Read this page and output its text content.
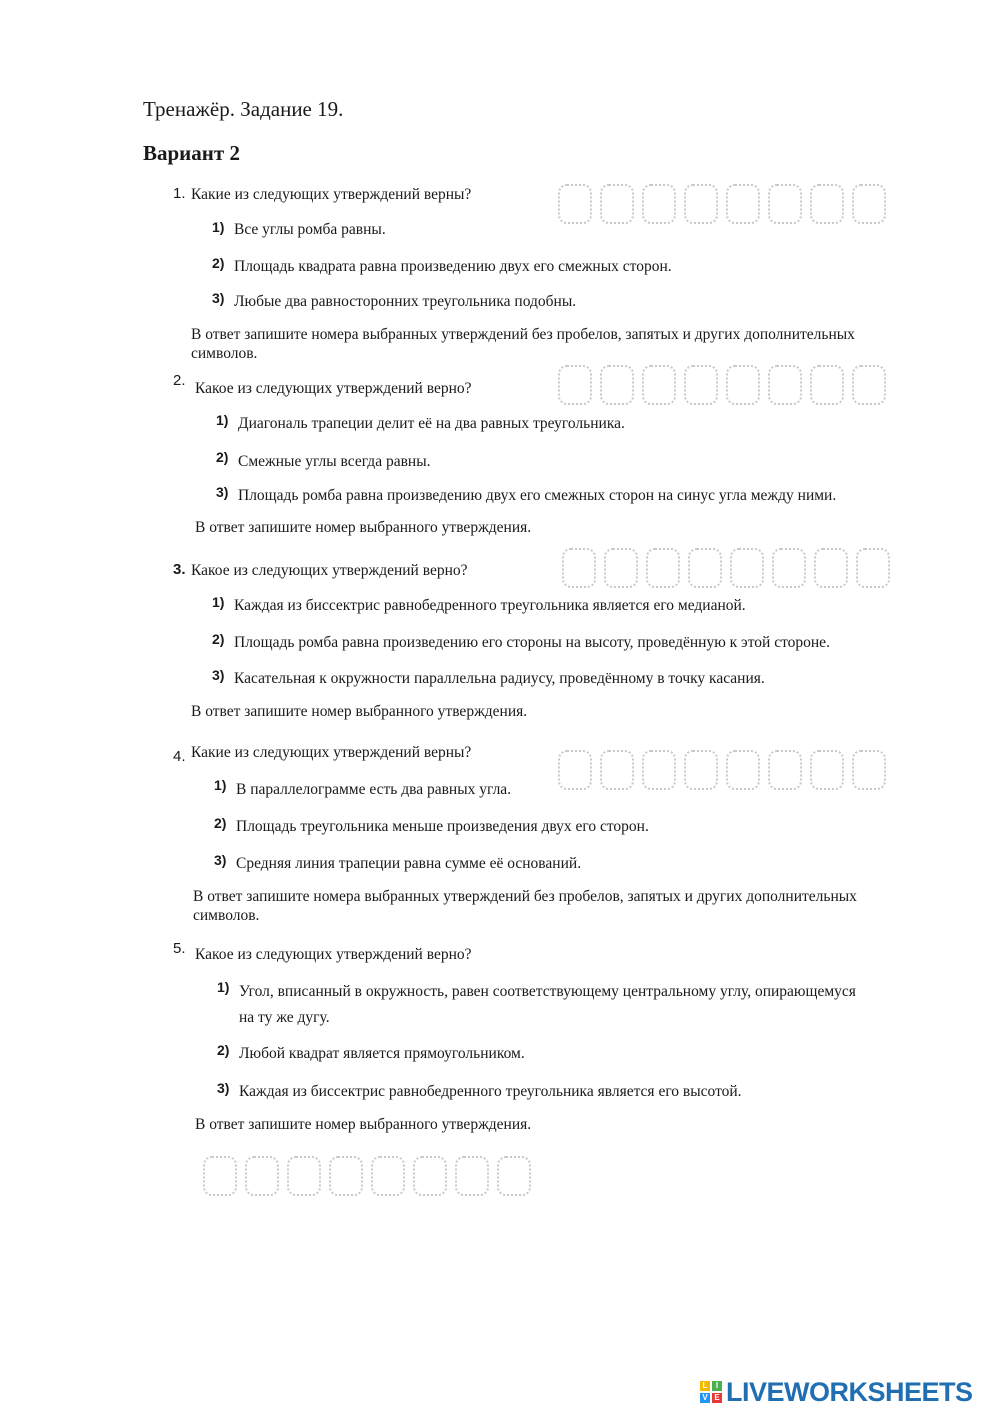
Тренажёр. Задание 19.
Вариант 2
1. Какие из следующих утверждений верны?
1) Все углы ромба равны.
2) Площадь квадрата равна произведению двух его смежных сторон.
3) Любые два равносторонних треугольника подобны.
В ответ запишите номера выбранных утверждений без пробелов, запятых и других дополнительных
символов.
2. Какое из следующих утверждений верно?
1) Диагональ трапеции делит её на два равных треугольника.
2) Смежные углы всегда равны.
3) Площадь ромба равна произведению двух его смежных сторон на синус угла между ними.
В ответ запишите номер выбранного утверждения.
3. Какое из следующих утверждений верно?
1) Каждая из биссектрис равнобедренного треугольника является его медианой.
2) Площадь ромба равна произведению его стороны на высоту, проведённую к этой стороне.
3) Касательная к окружности параллельна радиусу, проведённому в точку касания.
В ответ запишите номер выбранного утверждения.
4. Какие из следующих утверждений верны?
1) В параллелограмме есть два равных угла.
2) Площадь треугольника меньше произведения двух его сторон.
3) Средняя линия трапеции равна сумме её оснований.
В ответ запишите номера выбранных утверждений без пробелов, запятых и других дополнительных
символов.
5. Какое из следующих утверждений верно?
1) Угол, вписанный в окружность, равен соответствующему центральному углу, опирающемуся
на ту же дугу.
2) Любой квадрат является прямоугольником.
3) Каждая из биссектрис равнобедренного треугольника является его высотой.
В ответ запишите номер выбранного утверждения.
L	I
V E LIVEWORKSHEETS
